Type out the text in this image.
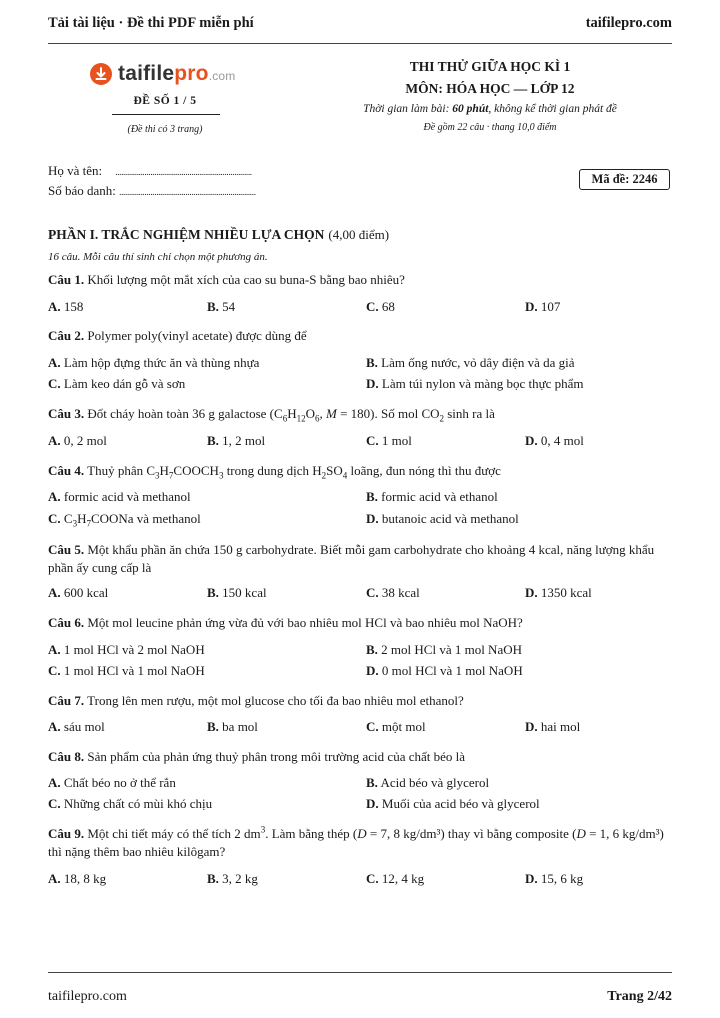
Tải tài liệu · Đề thi PDF miễn phí	taifilepro.com
taifilepro.com
ĐỀ SỐ 1 / 5
(Đề thi có 3 trang)
THI THỬ GIỮA HỌC KÌ 1
MÔN: HÓA HỌC — LỚP 12
Thời gian làm bài: 60 phút, không kể thời gian phát đề
Đề gồm 22 câu · thang 10,0 điểm
Họ và tên: ......................................................................
Số báo danh: ......................................................................
Mã đề: 2246
PHẦN I. TRẮC NGHIỆM NHIỀU LỰA CHỌN (4,00 điểm)
16 câu. Mỗi câu thí sinh chỉ chọn một phương án.
Câu 1. Khối lượng một mắt xích của cao su buna-S bằng bao nhiêu?
A. 158	B. 54	C. 68	D. 107
Câu 2. Polymer poly(vinyl acetate) được dùng để
A. Làm hộp đựng thức ăn và thùng nhựa	B. Làm ống nước, vỏ dây điện và da giả
C. Làm keo dán gỗ và sơn	D. Làm túi nylon và màng bọc thực phẩm
Câu 3. Đốt cháy hoàn toàn 36 g galactose ($C_6H_{12}O_6$, M = 180). Số mol $CO_2$ sinh ra là
A. 0, 2 mol	B. 1, 2 mol	C. 1 mol	D. 0, 4 mol
Câu 4. Thuỷ phân $C_3H_7COOCH_3$ trong dung dịch $H_2SO_4$ loãng, đun nóng thì thu được
A. formic acid và methanol	B. formic acid và ethanol
C. $C_3H_7COONa$ và methanol	D. butanoic acid và methanol
Câu 5. Một khẩu phần ăn chứa 150 g carbohydrate. Biết mỗi gam carbohydrate cho khoảng 4 kcal, năng lượng khẩu phần ấy cung cấp là
A. 600 kcal	B. 150 kcal	C. 38 kcal	D. 1350 kcal
Câu 6. Một mol leucine phản ứng vừa đủ với bao nhiêu mol HCl và bao nhiêu mol NaOH?
A. 1 mol HCl và 2 mol NaOH	B. 2 mol HCl và 1 mol NaOH
C. 1 mol HCl và 1 mol NaOH	D. 0 mol HCl và 1 mol NaOH
Câu 7. Trong lên men rượu, một mol glucose cho tối đa bao nhiêu mol ethanol?
A. sáu mol	B. ba mol	C. một mol	D. hai mol
Câu 8. Sản phẩm của phản ứng thuỷ phân trong môi trường acid của chất béo là
A. Chất béo no ở thể rắn	B. Acid béo và glycerol
C. Những chất có mùi khó chịu	D. Muối của acid béo và glycerol
Câu 9. Một chi tiết máy có thể tích 2 $dm^3$. Làm bằng thép (D = 7, 8 kg/dm³) thay vì bằng composite (D = 1, 6 kg/dm³) thì nặng thêm bao nhiêu kilôgam?
A. 18, 8 kg	B. 3, 2 kg	C. 12, 4 kg	D. 15, 6 kg
taifilepro.com	Trang 2/42
